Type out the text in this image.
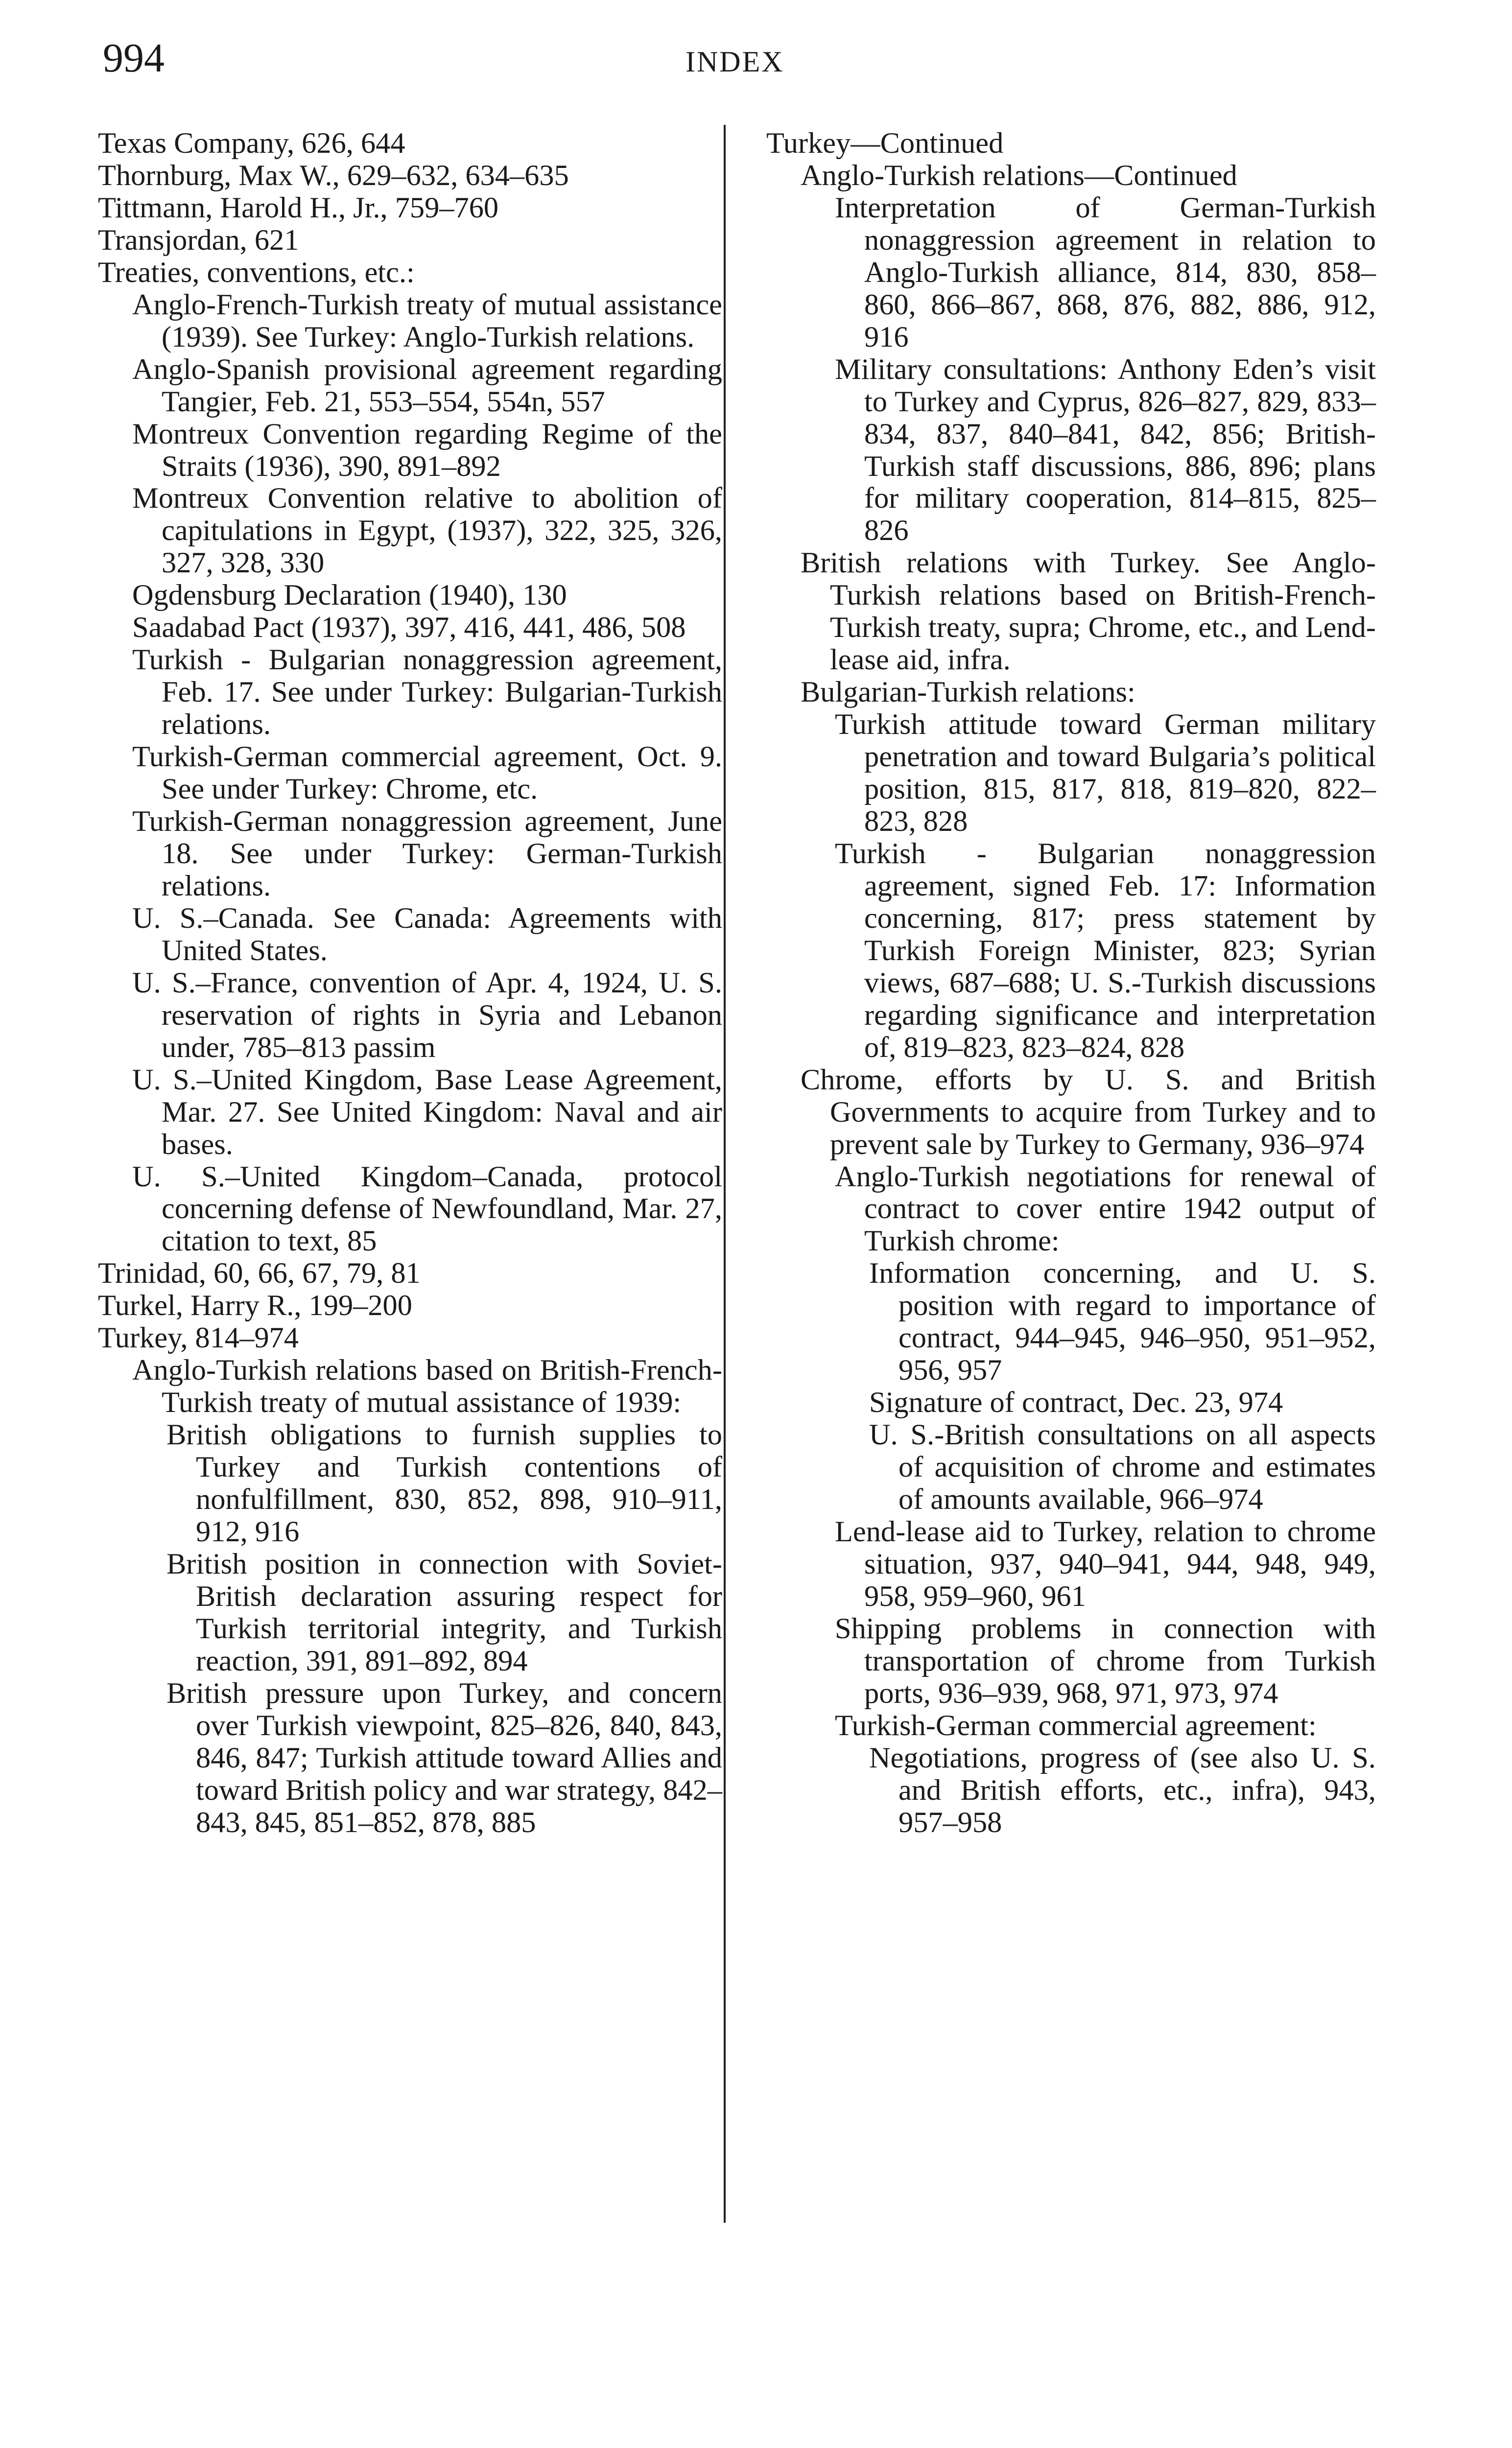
994	INDEX
Texas Company, 626, 644
Thornburg, Max W., 629–632, 634–635
Tittmann, Harold H., Jr., 759–760
Transjordan, 621
Treaties, conventions, etc.:
Anglo-French-Turkish treaty of mutual assistance (1939). See Turkey: Anglo-Turkish relations.
Anglo-Spanish provisional agreement regarding Tangier, Feb. 21, 553–554, 554n, 557
Montreux Convention regarding Regime of the Straits (1936), 390, 891–892
Montreux Convention relative to abolition of capitulations in Egypt, (1937), 322, 325, 326, 327, 328, 330
Ogdensburg Declaration (1940), 130
Saadabad Pact (1937), 397, 416, 441, 486, 508
Turkish - Bulgarian nonaggression agreement, Feb. 17. See under Turkey: Bulgarian-Turkish relations.
Turkish-German commercial agreement, Oct. 9. See under Turkey: Chrome, etc.
Turkish-German nonaggression agreement, June 18. See under Turkey: German-Turkish relations.
U. S.–Canada. See Canada: Agreements with United States.
U. S.–France, convention of Apr. 4, 1924, U. S. reservation of rights in Syria and Lebanon under, 785–813 passim
U. S.–United Kingdom, Base Lease Agreement, Mar. 27. See United Kingdom: Naval and air bases.
U. S.–United Kingdom–Canada, protocol concerning defense of Newfoundland, Mar. 27, citation to text, 85
Trinidad, 60, 66, 67, 79, 81
Turkel, Harry R., 199–200
Turkey, 814–974
Anglo-Turkish relations based on British-French-Turkish treaty of mutual assistance of 1939:
British obligations to furnish supplies to Turkey and Turkish contentions of nonfulfillment, 830, 852, 898, 910–911, 912, 916
British position in connection with Soviet-British declaration assuring respect for Turkish territorial integrity, and Turkish reaction, 391, 891–892, 894
British pressure upon Turkey, and concern over Turkish viewpoint, 825–826, 840, 843, 846, 847; Turkish attitude toward Allies and toward British policy and war strategy, 842–843, 845, 851–852, 878, 885
Turkey—Continued
Anglo-Turkish relations—Continued
Interpretation of German-Turkish nonaggression agreement in relation to Anglo-Turkish alliance, 814, 830, 858–860, 866–867, 868, 876, 882, 886, 912, 916
Military consultations: Anthony Eden’s visit to Turkey and Cyprus, 826–827, 829, 833–834, 837, 840–841, 842, 856; British-Turkish staff discussions, 886, 896; plans for military cooperation, 814–815, 825–826
British relations with Turkey. See Anglo-Turkish relations based on British-French-Turkish treaty, supra; Chrome, etc., and Lend-lease aid, infra.
Bulgarian-Turkish relations:
Turkish attitude toward German military penetration and toward Bulgaria’s political position, 815, 817, 818, 819–820, 822–823, 828
Turkish - Bulgarian nonaggression agreement, signed Feb. 17: Information concerning, 817; press statement by Turkish Foreign Minister, 823; Syrian views, 687–688; U. S.-Turkish discussions regarding significance and interpretation of, 819–823, 823–824, 828
Chrome, efforts by U. S. and British Governments to acquire from Turkey and to prevent sale by Turkey to Germany, 936–974
Anglo-Turkish negotiations for renewal of contract to cover entire 1942 output of Turkish chrome:
Information concerning, and U. S. position with regard to importance of contract, 944–945, 946–950, 951–952, 956, 957
Signature of contract, Dec. 23, 974
U. S.-British consultations on all aspects of acquisition of chrome and estimates of amounts available, 966–974
Lend-lease aid to Turkey, relation to chrome situation, 937, 940–941, 944, 948, 949, 958, 959–960, 961
Shipping problems in connection with transportation of chrome from Turkish ports, 936–939, 968, 971, 973, 974
Turkish-German commercial agreement:
Negotiations, progress of (see also U. S. and British efforts, etc., infra), 943, 957–958
